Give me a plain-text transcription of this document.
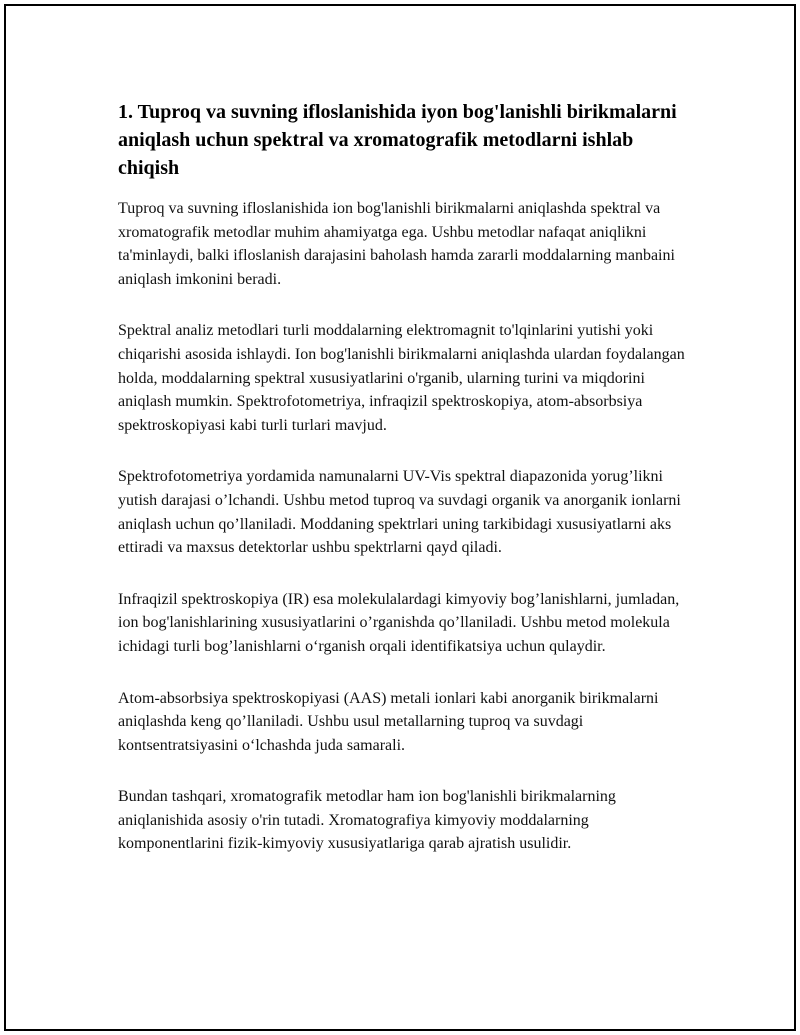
1. Tuproq va suvning ifloslanishida iyon bog'lanishli birikmalarni aniqlash uchun spektral va xromatografik metodlarni ishlab chiqish

Tuproq va suvning ifloslanishida ion bog'lanishli birikmalarni aniqlashda spektral va xromatografik metodlar muhim ahamiyatga ega. Ushbu metodlar nafaqat aniqlikni ta'minlaydi, balki ifloslanish darajasini baholash hamda zararli moddalarning manbaini aniqlash imkonini beradi.

Spektral analiz metodlari turli moddalarning elektromagnit to'lqinlarini yutishi yoki chiqarishi asosida ishlaydi. Ion bog'lanishli birikmalarni aniqlashda ulardan foydalangan holda, moddalarning spektral xususiyatlarini o'rganib, ularning turini va miqdorini aniqlash mumkin. Spektrofotometriya, infraqizil spektroskopiya, atom-absorbsiya spektroskopiyasi kabi turli turlari mavjud.

Spektrofotometriya yordamida namunalarni UV-Vis spektral diapazonida yorug’likni yutish darajasi o’lchandi. Ushbu metod tuproq va suvdagi organik va anorganik ionlarni aniqlash uchun qo’llaniladi. Moddaning spektrlari uning tarkibidagi xususiyatlarni aks ettiradi va maxsus detektorlar ushbu spektrlarni qayd qiladi.

Infraqizil spektroskopiya (IR) esa molekulalardagi kimyoviy bog’lanishlarni, jumladan, ion bog'lanishlarining xususiyatlarini o’rganishda qo’llaniladi. Ushbu metod molekula ichidagi turli bog’lanishlarni o‘rganish orqali identifikatsiya uchun qulaydir.

Atom-absorbsiya spektroskopiyasi (AAS) metali ionlari kabi anorganik birikmalarni aniqlashda keng qo’llaniladi. Ushbu usul metallarning tuproq va suvdagi kontsentratsiyasini o‘lchashda juda samarali.

Bundan tashqari, xromatografik metodlar ham ion bog'lanishli birikmalarning aniqlanishida asosiy o'rin tutadi. Xromatografiya kimyoviy moddalarning komponentlarini fizik-kimyoviy xususiyatlariga qarab ajratish usulidir.
